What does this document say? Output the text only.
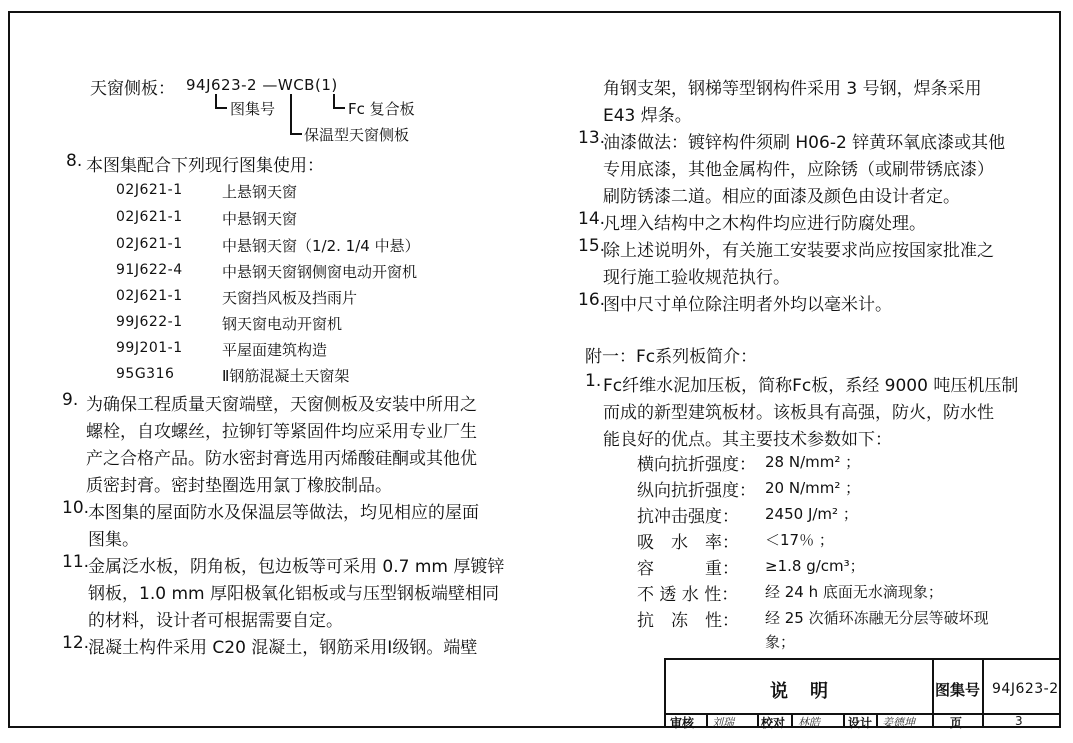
天窗侧板： 94J623-2 —WCB(1)
图集号	Fc 复合板
保温型天窗侧板
8. 本图集配合下列现行图集使用：
02J621-1	上悬钢天窗
02J621-1	中悬钢天窗
02J621-1	中悬钢天窗（1/2. 1/4 中悬）
91J622-4	中悬钢天窗钢侧窗电动开窗机
02J621-1	天窗挡风板及挡雨片
99J622-1	钢天窗电动开窗机
99J201-1	平屋面建筑构造
95G316	Ⅱ钢筋混凝土天窗架
9. 为确保工程质量天窗端壁，天窗侧板及安装中所用之
螺栓，自攻螺丝，拉铆钉等紧固件均应采用专业厂生
产之合格产品。防水密封膏选用丙烯酸硅酮或其他优
质密封膏。密封垫圈选用氯丁橡胶制品。
10.
本图集的屋面防水及保温层等做法，均见相应的屋面
图集。
11.
金属泛水板，阴角板，包边板等可采用 0.7 mm 厚镀锌
钢板，1.0 mm 厚阳极氧化铝板或与压型钢板端壁相同
的材料，设计者可根据需要自定。
12.
混凝土构件采用 C20 混凝土，钢筋采用Ⅰ级钢。端壁
角钢支架，钢梯等型钢构件采用 3 号钢，焊条采用
E43 焊条。
13.
油漆做法：镀锌构件须刷 H06-2 锌黄环氧底漆或其他
专用底漆，其他金属构件，应除锈（或刷带锈底漆）
刷防锈漆二道。相应的面漆及颜色由设计者定。
14.
凡埋入结构中之木构件均应进行防腐处理。
15.
除上述说明外，有关施工安装要求尚应按国家批准之
现行施工验收规范执行。
16.
图中尺寸单位除注明者外均以毫米计。
附一：Fc系列板简介：
1. Fc纤维水泥加压板，简称Fc板，系经 9000 吨压机压制
而成的新型建筑板材。该板具有高强，防火，防水性
能良好的优点。其主要技术参数如下：
横向抗折强度： 28 N/mm² ；
纵向抗折强度： 20 N/mm² ；
抗冲击强度： 2450 J/m² ；
吸　水　率： ＜17％ ；
容　　　重： ≥1.8 g/cm³；
不 透 水 性： 经 24 h 底面无水滴现象；
抗　冻　性： 经 25 次循环冻融无分层等破坏现
象；
说　明	图集号 94J623-2
审核 刘瑞 校对 林皓 设计 姜德坤	页	3
